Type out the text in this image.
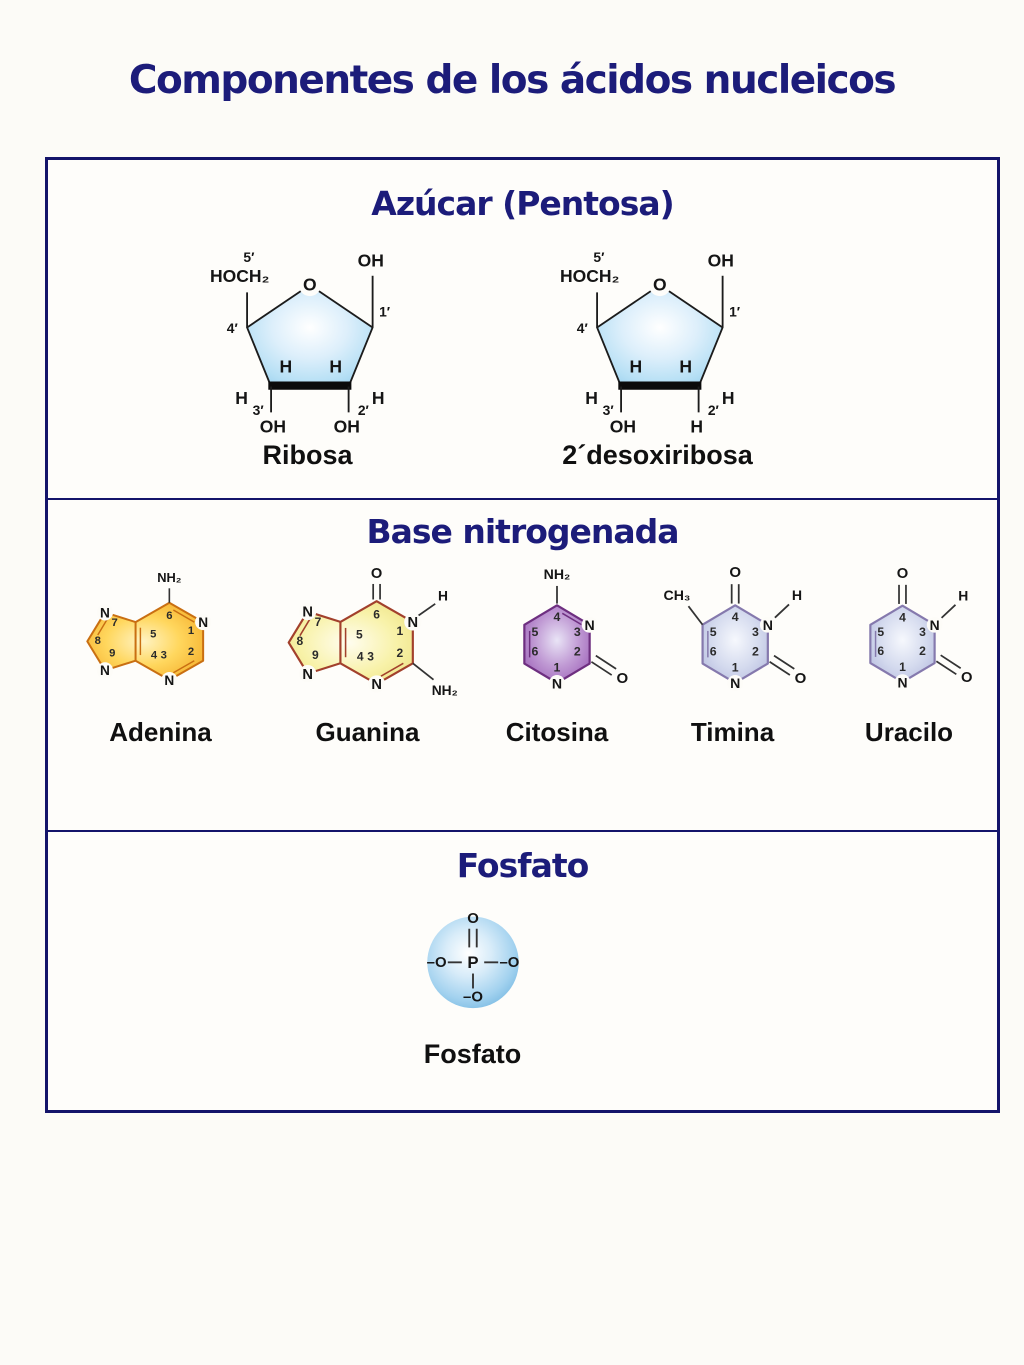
Componentes de los ácidos nucleicos
Azúcar (Pentosa)
5′
HOCH₂ O
OH
1′
4′
H H
H
3′
H
2′
OH	OH
Ribosa
5′
HOCH₂ O
OH
1′
4′
H H
H
3′
H
2′
OH	H
2´desoxiribosa
Base nitrogenada
NH₂
N
N
N
N
6
1
2
5
4 3
7
8
9
Adenina
O
H
NH₂
N
N
N
N
6
1
2
5
4 3
7
8
9
Guanina
NH₂
N
N	O
4
3
2
1
5
6
Citosina
O
CH₃	H
N
N	O
4
3
2
1
5
6
Timina
O
H
N
N	O
4
3
2
1
5
6
Uracilo
Fosfato
O
P
–O	–O
–O
Fosfato
